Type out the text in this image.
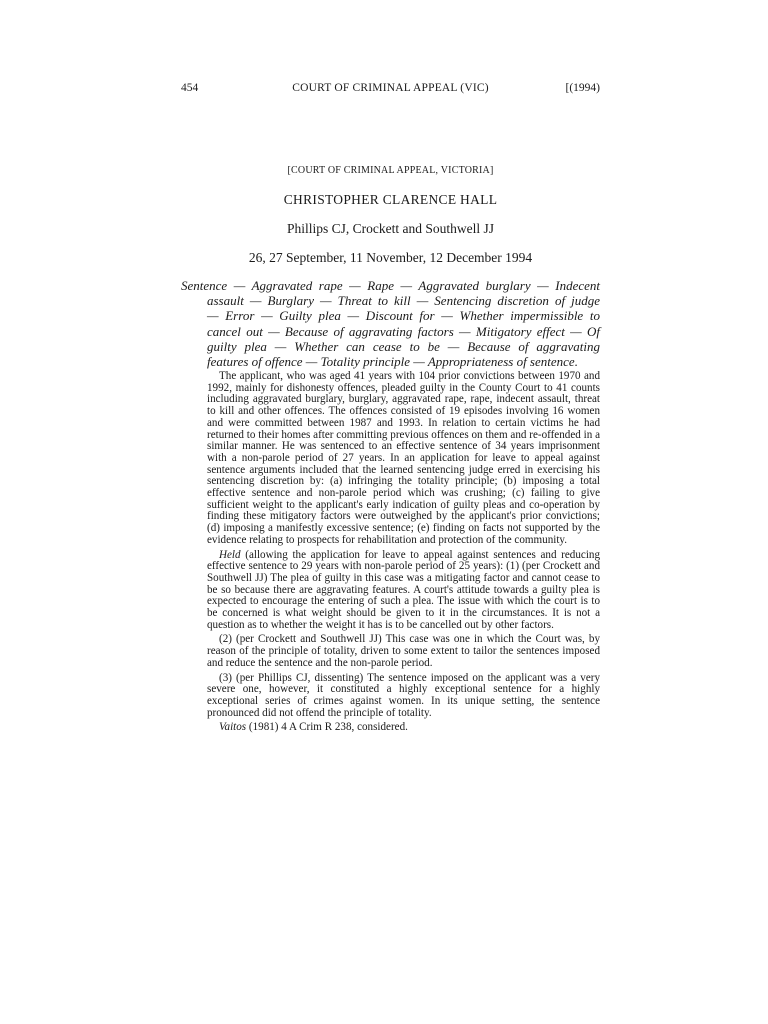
454	COURT OF CRIMINAL APPEAL (VIC)	[(1994)
[COURT OF CRIMINAL APPEAL, VICTORIA]
CHRISTOPHER CLARENCE HALL
Phillips CJ, Crockett and Southwell JJ
26, 27 September, 11 November, 12 December 1994
Sentence — Aggravated rape — Rape — Aggravated burglary — Indecent
assault — Burglary — Threat to kill — Sentencing discretion of judge
— Error — Guilty plea — Discount for — Whether impermissible to
cancel out — Because of aggravating factors — Mitigatory effect — Of
guilty plea — Whether can cease to be — Because of aggravating
features of offence — Totality principle — Appropriateness of sentence.

The applicant, who was aged 41 years with 104 prior convictions between 1970 and 1992, mainly for dishonesty offences, pleaded guilty in the County Court to 41 counts including aggravated burglary, burglary, aggravated rape, rape, indecent assault, threat to kill and other offences. The offences consisted of 19 episodes involving 16 women and were committed between 1987 and 1993. In relation to certain victims he had returned to their homes after committing previous offences on them and re-offended in a similar manner. He was sentenced to an effective sentence of 34 years imprisonment with a non-parole period of 27 years. In an application for leave to appeal against sentence arguments included that the learned sentencing judge erred in exercising his sentencing discretion by: (a) infringing the totality principle; (b) imposing a total effective sentence and non-parole period which was crushing; (c) failing to give sufficient weight to the applicant's early indication of guilty pleas and co-operation by finding these mitigatory factors were outweighed by the applicant's prior convictions; (d) imposing a manifestly excessive sentence; (e) finding on facts not supported by the evidence relating to prospects for rehabilitation and protection of the community.

Held (allowing the application for leave to appeal against sentences and reducing effective sentence to 29 years with non-parole period of 25 years): (1) (per Crockett and Southwell JJ) The plea of guilty in this case was a mitigating factor and cannot cease to be so because there are aggravating features. A court's attitude towards a guilty plea is expected to encourage the entering of such a plea. The issue with which the court is to be concerned is what weight should be given to it in the circumstances. It is not a question as to whether the weight it has is to be cancelled out by other factors.

(2) (per Crockett and Southwell JJ) This case was one in which the Court was, by reason of the principle of totality, driven to some extent to tailor the sentences imposed and reduce the sentence and the non-parole period.

(3) (per Phillips CJ, dissenting) The sentence imposed on the applicant was a very severe one, however, it constituted a highly exceptional sentence for a highly exceptional series of crimes against women. In its unique setting, the sentence pronounced did not offend the principle of totality.

Vaitos (1981) 4 A Crim R 238, considered.
